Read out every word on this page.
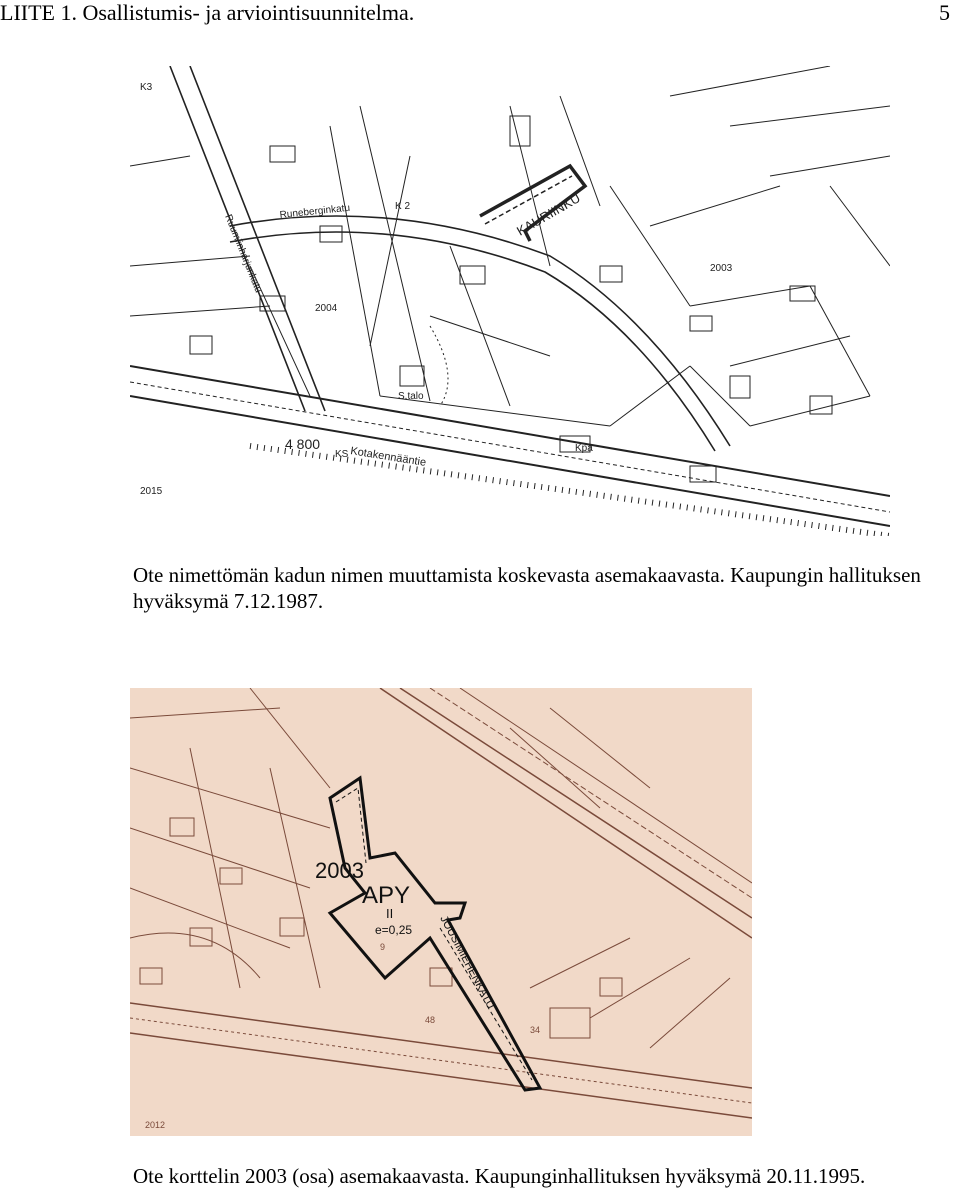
LIITE 1. Osallistumis- ja arviointisuunnitelma.	5
Runeberginkatu	KAURIINKU
Kotakennääntie
Ruumiinharjunkatu	2003
2004
2015
4 800
S.talo
Kpa
K 2
K3
KS
Ote nimettömän kadun nimen muuttamista koskevasta asemakaavasta. Kaupungin hallituksen hyväksymä 7.12.1987.
2003
APY
II
e=0,25 JOUSIMIEHENKATU
2012
48
34
9
Ote korttelin 2003 (osa) asemakaavasta. Kaupunginhallituksen hyväksymä 20.11.1995.
